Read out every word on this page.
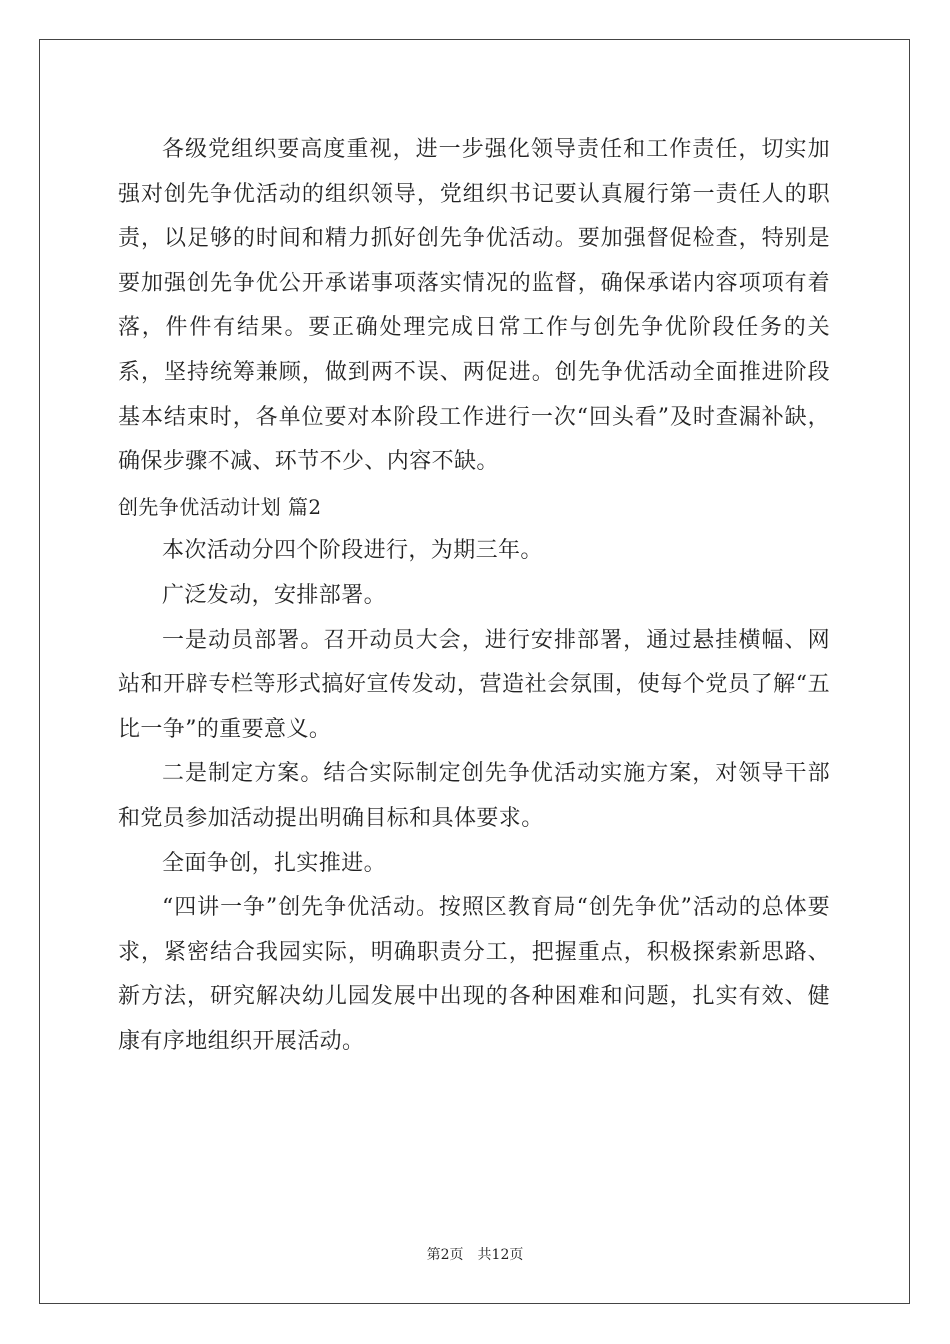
各级党组织要高度重视，进一步强化领导责任和工作责任，切实加强对创先争优活动的组织领导，党组织书记要认真履行第一责任人的职责，以足够的时间和精力抓好创先争优活动。要加强督促检查，特别是要加强创先争优公开承诺事项落实情况的监督，确保承诺内容项项有着落，件件有结果。要正确处理完成日常工作与创先争优阶段任务的关系，坚持统筹兼顾，做到两不误、两促进。创先争优活动全面推进阶段基本结束时，各单位要对本阶段工作进行一次“回头看”及时查漏补缺，确保步骤不减、环节不少、内容不缺。

创先争优活动计划 篇2

本次活动分四个阶段进行，为期三年。

广泛发动，安排部署。

一是动员部署。召开动员大会，进行安排部署，通过悬挂横幅、网站和开辟专栏等形式搞好宣传发动，营造社会氛围，使每个党员了解“五比一争”的重要意义。

二是制定方案。结合实际制定创先争优活动实施方案，对领导干部和党员参加活动提出明确目标和具体要求。

全面争创，扎实推进。

“四讲一争”创先争优活动。按照区教育局“创先争优”活动的总体要求，紧密结合我园实际，明确职责分工，把握重点，积极探索新思路、新方法，研究解决幼儿园发展中出现的各种困难和问题，扎实有效、健康有序地组织开展活动。

第2页 共12页
